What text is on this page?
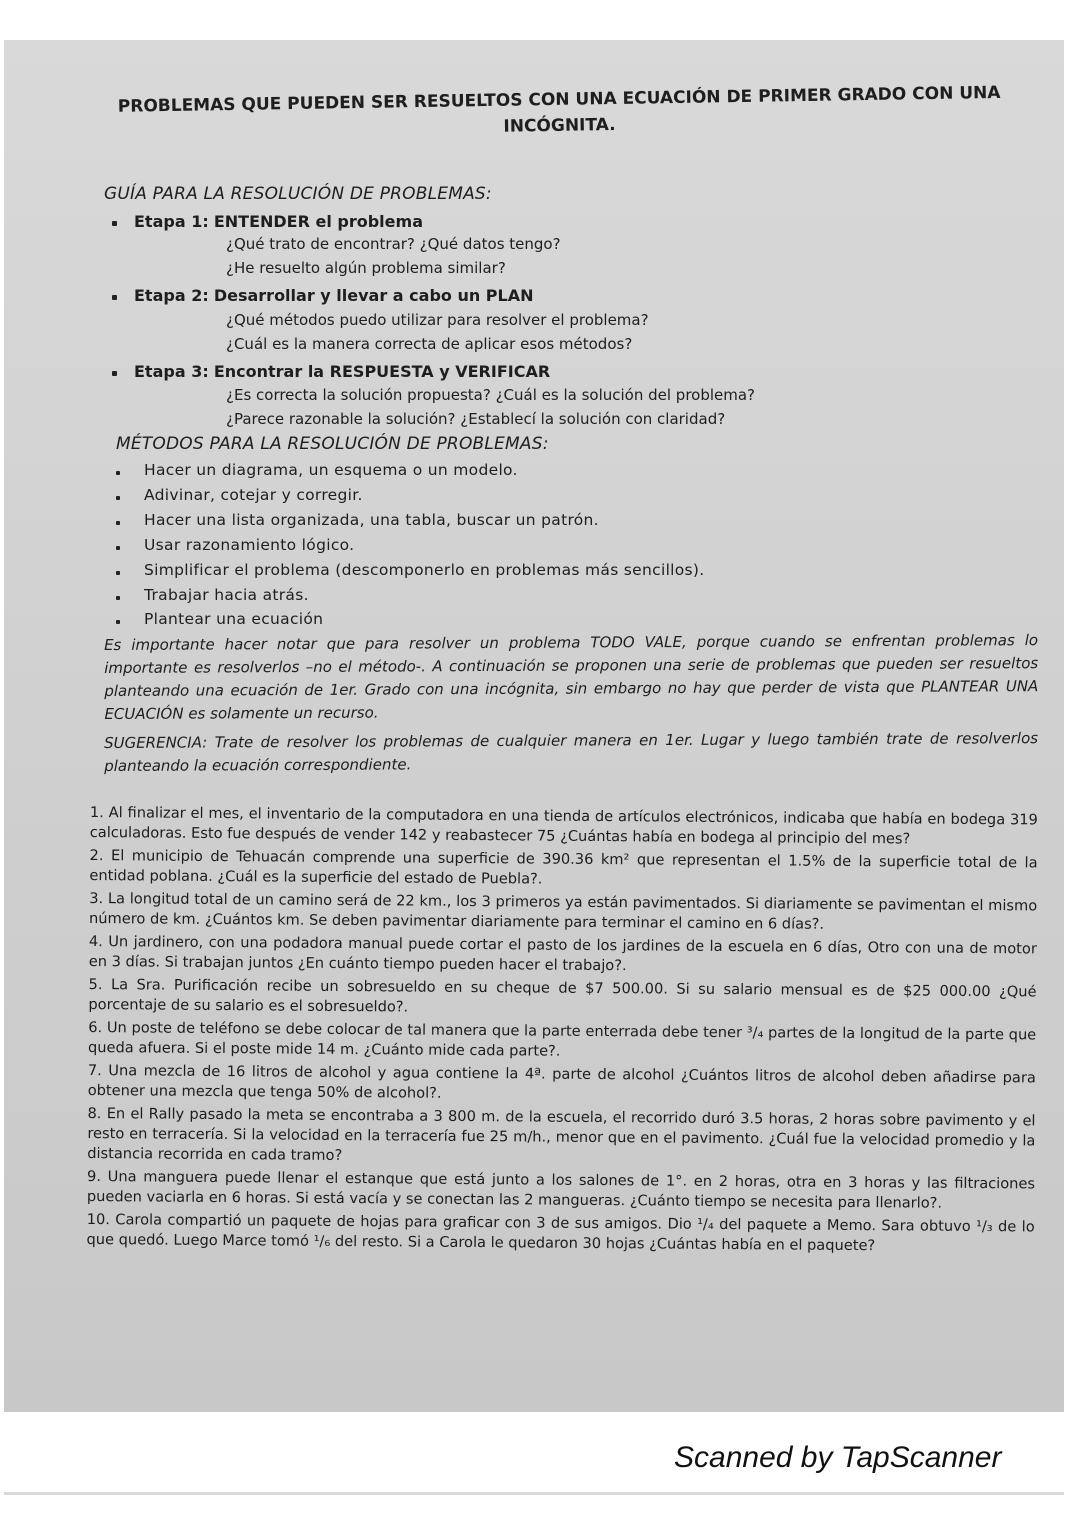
PROBLEMAS QUE PUEDEN SER RESUELTOS CON UNA ECUACIÓN DE PRIMER GRADO CON UNA INCÓGNITA.
GUÍA PARA LA RESOLUCIÓN DE PROBLEMAS:
Etapa 1: ENTENDER el problema
¿Qué trato de encontrar? ¿Qué datos tengo?
¿He resuelto algún problema similar?
Etapa 2: Desarrollar y llevar a cabo un PLAN
¿Qué métodos puedo utilizar para resolver el problema?
¿Cuál es la manera correcta de aplicar esos métodos?
Etapa 3: Encontrar la RESPUESTA y VERIFICAR
¿Es correcta la solución propuesta? ¿Cuál es la solución del problema?
¿Parece razonable la solución? ¿Establecí la solución con claridad?
MÉTODOS PARA LA RESOLUCIÓN DE PROBLEMAS:
Hacer un diagrama, un esquema o un modelo.
Adivinar, cotejar y corregir.
Hacer una lista organizada, una tabla, buscar un patrón.
Usar razonamiento lógico.
Simplificar el problema (descomponerlo en problemas más sencillos).
Trabajar hacia atrás.
Plantear una ecuación

Es importante hacer notar que para resolver un problema TODO VALE, porque cuando se enfrentan problemas lo importante es resolverlos –no el método-. A continuación se proponen una serie de problemas que pueden ser resueltos planteando una ecuación de 1er. Grado con una incógnita, sin embargo no hay que perder de vista que PLANTEAR UNA ECUACIÓN es solamente un recurso.

SUGERENCIA: Trate de resolver los problemas de cualquier manera en 1er. Lugar y luego también trate de resolverlos planteando la ecuación correspondiente.

1. Al finalizar el mes, el inventario de la computadora en una tienda de artículos electrónicos, indicaba que había en bodega 319 calculadoras. Esto fue después de vender 142 y reabastecer 75 ¿Cuántas había en bodega al principio del mes?

2. El municipio de Tehuacán comprende una superficie de 390.36 km² que representan el 1.5% de la superficie total de la entidad poblana. ¿Cuál es la superficie del estado de Puebla?.

3. La longitud total de un camino será de 22 km., los 3 primeros ya están pavimentados. Si diariamente se pavimentan el mismo número de km. ¿Cuántos km. Se deben pavimentar diariamente para terminar el camino en 6 días?.

4. Un jardinero, con una podadora manual puede cortar el pasto de los jardines de la escuela en 6 días, Otro con una de motor en 3 días. Si trabajan juntos ¿En cuánto tiempo pueden hacer el trabajo?.

5. La Sra. Purificación recibe un sobresueldo en su cheque de $7 500.00. Si su salario mensual es de $25 000.00 ¿Qué porcentaje de su salario es el sobresueldo?.

6. Un poste de teléfono se debe colocar de tal manera que la parte enterrada debe tener ³/₄ partes de la longitud de la parte que queda afuera. Si el poste mide 14 m. ¿Cuánto mide cada parte?.

7. Una mezcla de 16 litros de alcohol y agua contiene la 4ª. parte de alcohol ¿Cuántos litros de alcohol deben añadirse para obtener una mezcla que tenga 50% de alcohol?.

8. En el Rally pasado la meta se encontraba a 3 800 m. de la escuela, el recorrido duró 3.5 horas, 2 horas sobre pavimento y el resto en terracería. Si la velocidad en la terracería fue 25 m/h., menor que en el pavimento. ¿Cuál fue la velocidad promedio y la distancia recorrida en cada tramo?

9. Una manguera puede llenar el estanque que está junto a los salones de 1°. en 2 horas, otra en 3 horas y las filtraciones pueden vaciarla en 6 horas. Si está vacía y se conectan las 2 mangueras. ¿Cuánto tiempo se necesita para llenarlo?.

10. Carola compartió un paquete de hojas para graficar con 3 de sus amigos. Dio ¹/₄ del paquete a Memo. Sara obtuvo ¹/₃ de lo que quedó. Luego Marce tomó ¹/₆ del resto. Si a Carola le quedaron 30 hojas ¿Cuántas había en el paquete?

Scanned by TapScanner
